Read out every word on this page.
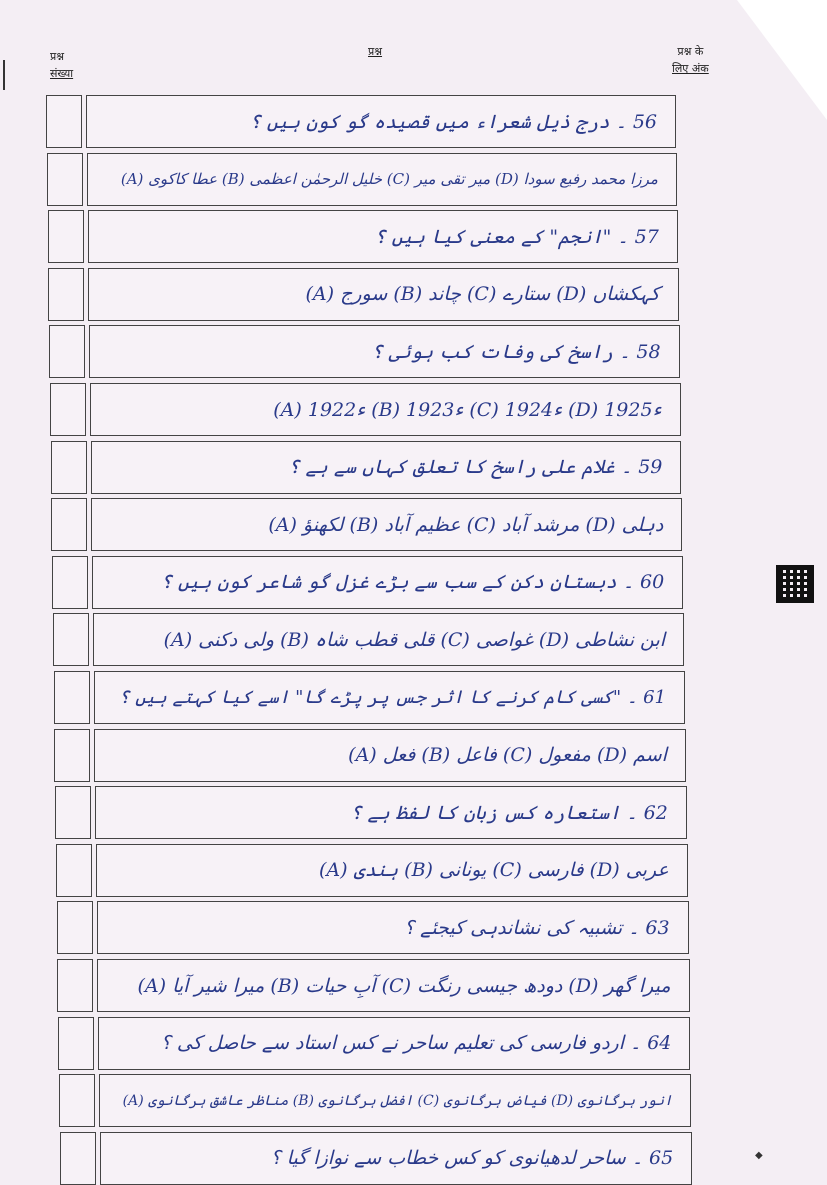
प्रश्न
संख्या
प्रश्न	प्रश्न के
लिए अंक
56 ۔ درج ذیل شعراء میں قصیدہ گو کون ہیں ؟
(A) عطا کاکوی (B) خلیل الرحمٰن اعظمی (C) میر تقی میر (D) مرزا محمد رفیع سودا
57 ۔ "انجم" کے معنی کیا ہیں ؟
(A) سورج (B) چاند (C) ستارے (D) کہکشاں
58 ۔ راسخ کی وفات کب ہوئی ؟
(A) 1922ء (B) 1923ء (C) 1924ء (D) 1925ء
59 ۔ غلام علی راسخ کا تعلق کہاں سے ہے ؟
(A) لکھنؤ (B) عظیم آباد (C) مرشد آباد (D) دہلی
60 ۔ دبستانِ دکن کے سب سے بڑے غزل گو شاعر کون ہیں ؟
(A) ولی دکنی (B) قلی قطب شاہ (C) غواصی (D) ابن نشاطی
61 ۔ "کسی کام کرنے کا اثر جس پر پڑے گا" اسے کیا کہتے ہیں ؟
(A) فعل (B) فاعل (C) مفعول (D) اسم
62 ۔ استعارہ کس زبان کا لفظ ہے ؟
(A) ہندی (B) یونانی (C) فارسی (D) عربی
63 ۔ تشبیہ کی نشاندہی کیجئے ؟
(A) میرا شیر آیا (B) آبِ حیات (C) دودھ جیسی رنگت (D) میرا گھر
64 ۔ اردو فارسی کی تعلیم ساحر نے کس استاد سے حاصل کی ؟
(A) مناظر عاشق ہرگانوی (B) افضل ہرگانوی (C) فیاض ہرگانوی (D) انور ہرگانوی
65 ۔ ساحر لدھیانوی کو کس خطاب سے نوازا گیا ؟	◆
